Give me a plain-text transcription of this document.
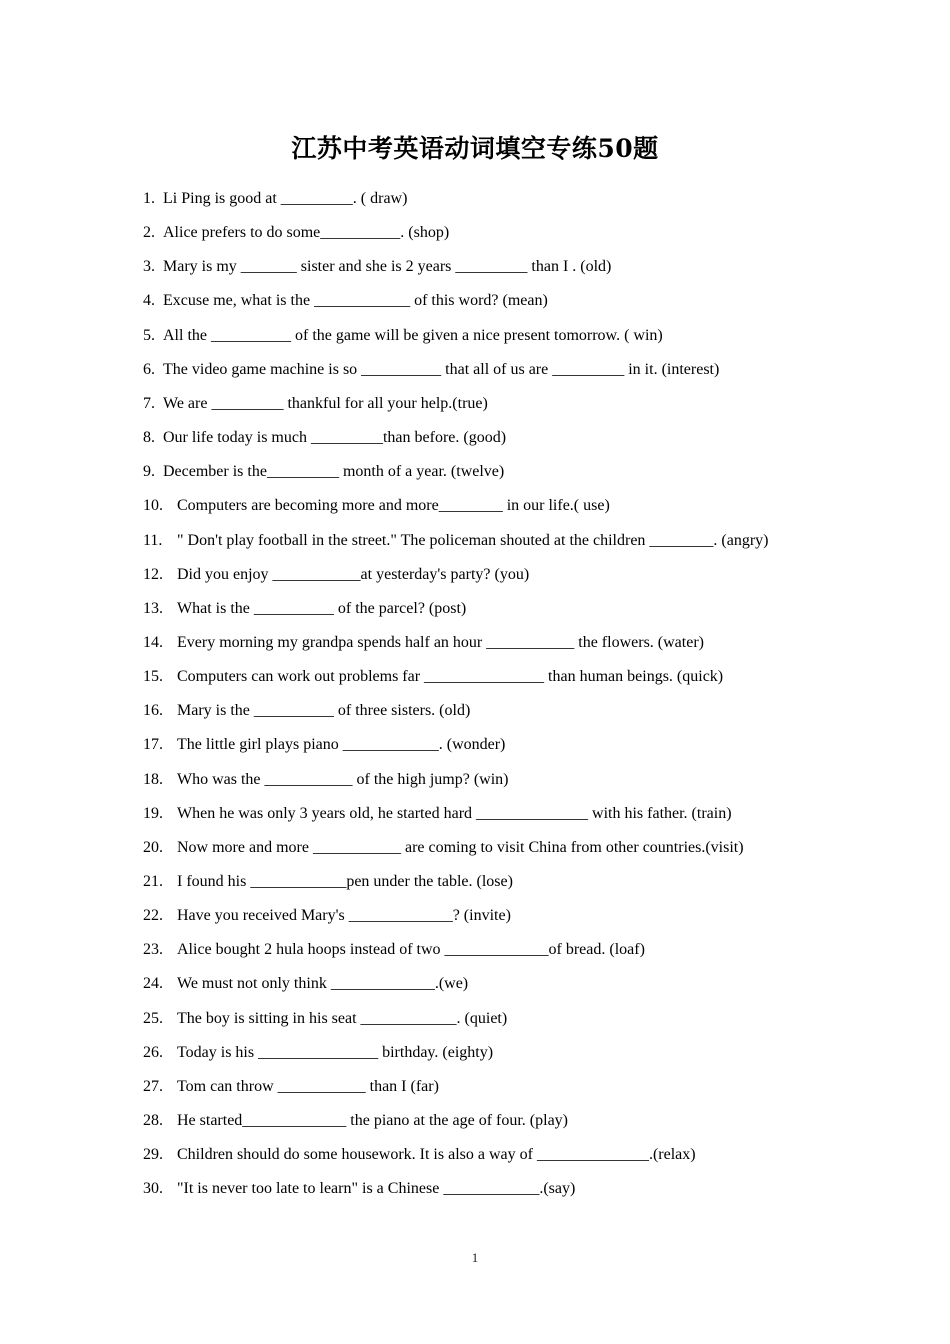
江苏中考英语动词填空专练50题
1. Li Ping is good at _________. ( draw)
2. Alice prefers to do some__________. (shop)
3. Mary is my _______ sister and she is 2 years _________ than I . (old)
4. Excuse me, what is the ____________ of this word? (mean)
5. All the __________ of the game will be given a nice present tomorrow. ( win)
6. The video game machine is so __________ that all of us are _________ in it. (interest)
7. We are _________ thankful for all your help.(true)
8. Our life today is much _________than before. (good)
9. December is the_________ month of a year. (twelve)
10. Computers are becoming more and more________ in our life.( use)
11. " Don't play football in the street." The policeman shouted at the children ________. (angry)
12. Did you enjoy ___________at yesterday's party? (you)
13. What is the __________ of the parcel? (post)
14. Every morning my grandpa spends half an hour ___________ the flowers. (water)
15. Computers can work out problems far _______________ than human beings. (quick)
16. Mary is the __________ of three sisters. (old)
17. The little girl plays piano ____________. (wonder)
18. Who was the ___________ of the high jump? (win)
19. When he was only 3 years old, he started hard ______________ with his father. (train)
20. Now more and more ___________ are coming to visit China from other countries.(visit)
21. I found his ____________pen under the table. (lose)
22. Have you received Mary's _____________? (invite)
23. Alice bought 2 hula hoops instead of two _____________of bread. (loaf)
24. We must not only think _____________.(we)
25. The boy is sitting in his seat ____________. (quiet)
26. Today is his _______________ birthday. (eighty)
27. Tom can throw ___________ than I (far)
28. He started_____________ the piano at the age of four. (play)
29. Children should do some housework. It is also a way of ______________.(relax)
30. "It is never too late to learn" is a Chinese ____________.(say)
1
